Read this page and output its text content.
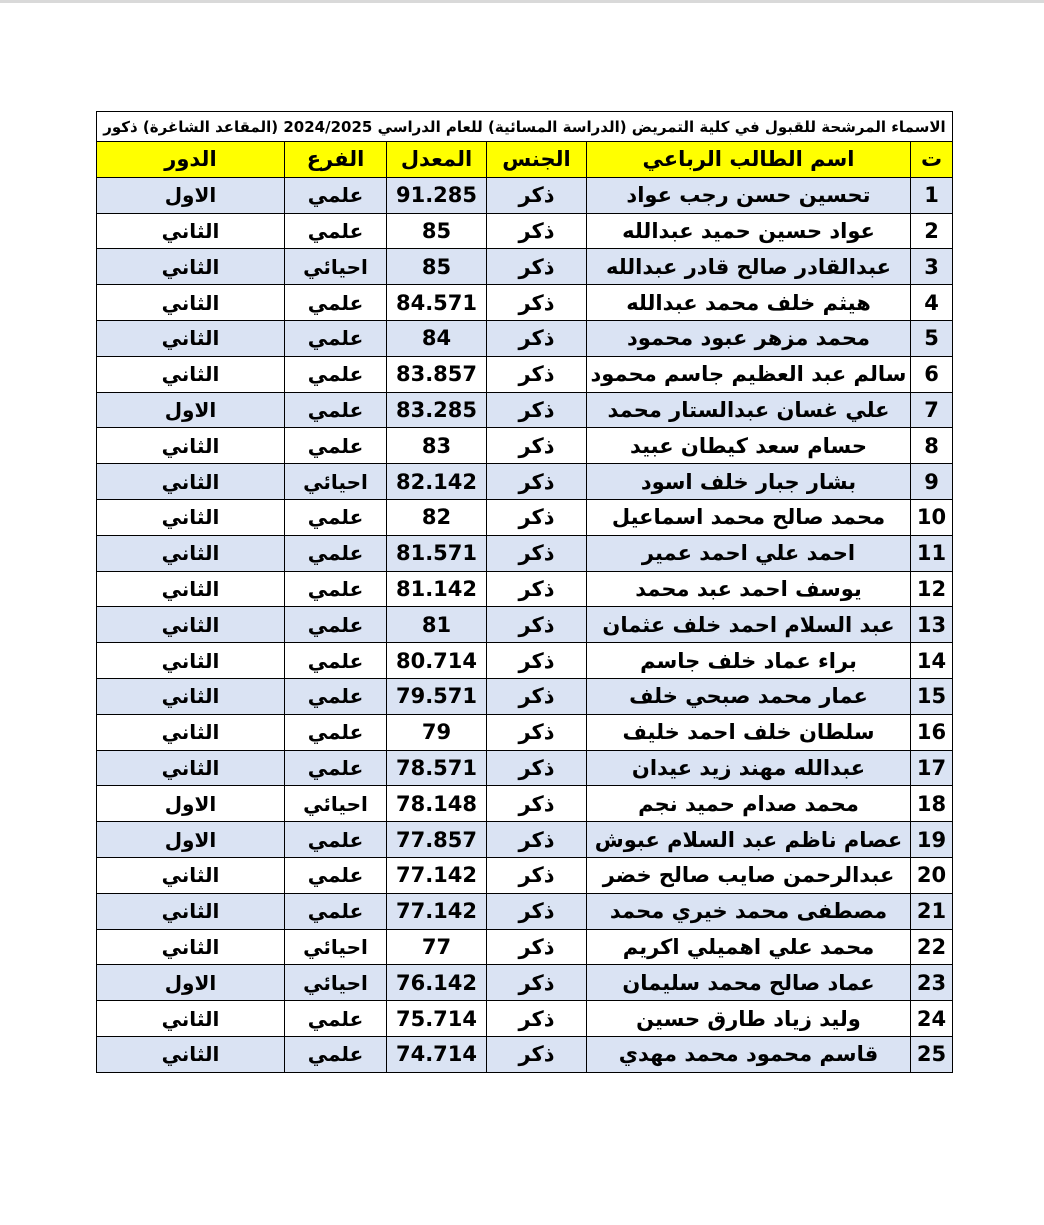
الاسماء المرشحة للقبول في كلية التمريض (الدراسة المسائية) للعام الدراسي 2024/2025 (المقاعد الشاغرة) ذكور					
ت	اسم الطالب الرباعي	الجنس	المعدل	الفرع	الدور
1	تحسين حسن رجب عواد	ذكر	91.285	علمي	الاول
2	عواد حسين حميد عبدالله	ذكر	85	علمي	الثاني
3	عبدالقادر صالح قادر عبدالله	ذكر	85	احيائي	الثاني
4	هيثم خلف محمد عبدالله	ذكر	84.571	علمي	الثاني
5	محمد مزهر عبود محمود	ذكر	84	علمي	الثاني
6	سالم عبد العظيم جاسم محمود	ذكر	83.857	علمي	الثاني
7	علي غسان عبدالستار محمد	ذكر	83.285	علمي	الاول
8	حسام سعد كيطان عبيد	ذكر	83	علمي	الثاني
9	بشار جبار خلف اسود	ذكر	82.142	احيائي	الثاني
10	محمد صالح محمد اسماعيل	ذكر	82	علمي	الثاني
11	احمد علي احمد عمير	ذكر	81.571	علمي	الثاني
12	يوسف احمد عبد محمد	ذكر	81.142	علمي	الثاني
13	عبد السلام احمد خلف عثمان	ذكر	81	علمي	الثاني
14	براء عماد خلف جاسم	ذكر	80.714	علمي	الثاني
15	عمار محمد صبحي خلف	ذكر	79.571	علمي	الثاني
16	سلطان خلف احمد خليف	ذكر	79	علمي	الثاني
17	عبدالله مهند زيد عيدان	ذكر	78.571	علمي	الثاني
18	محمد صدام حميد نجم	ذكر	78.148	احيائي	الاول
19	عصام ناظم عبد السلام عبوش	ذكر	77.857	علمي	الاول
20	عبدالرحمن صايب صالح خضر	ذكر	77.142	علمي	الثاني
21	مصطفى محمد خيري محمد	ذكر	77.142	علمي	الثاني
22	محمد علي اهميلي اكريم	ذكر	77	احيائي	الثاني
23	عماد صالح محمد سليمان	ذكر	76.142	احيائي	الاول
24	وليد زياد طارق حسين	ذكر	75.714	علمي	الثاني
25	قاسم محمود محمد مهدي	ذكر	74.714	علمي	الثاني
